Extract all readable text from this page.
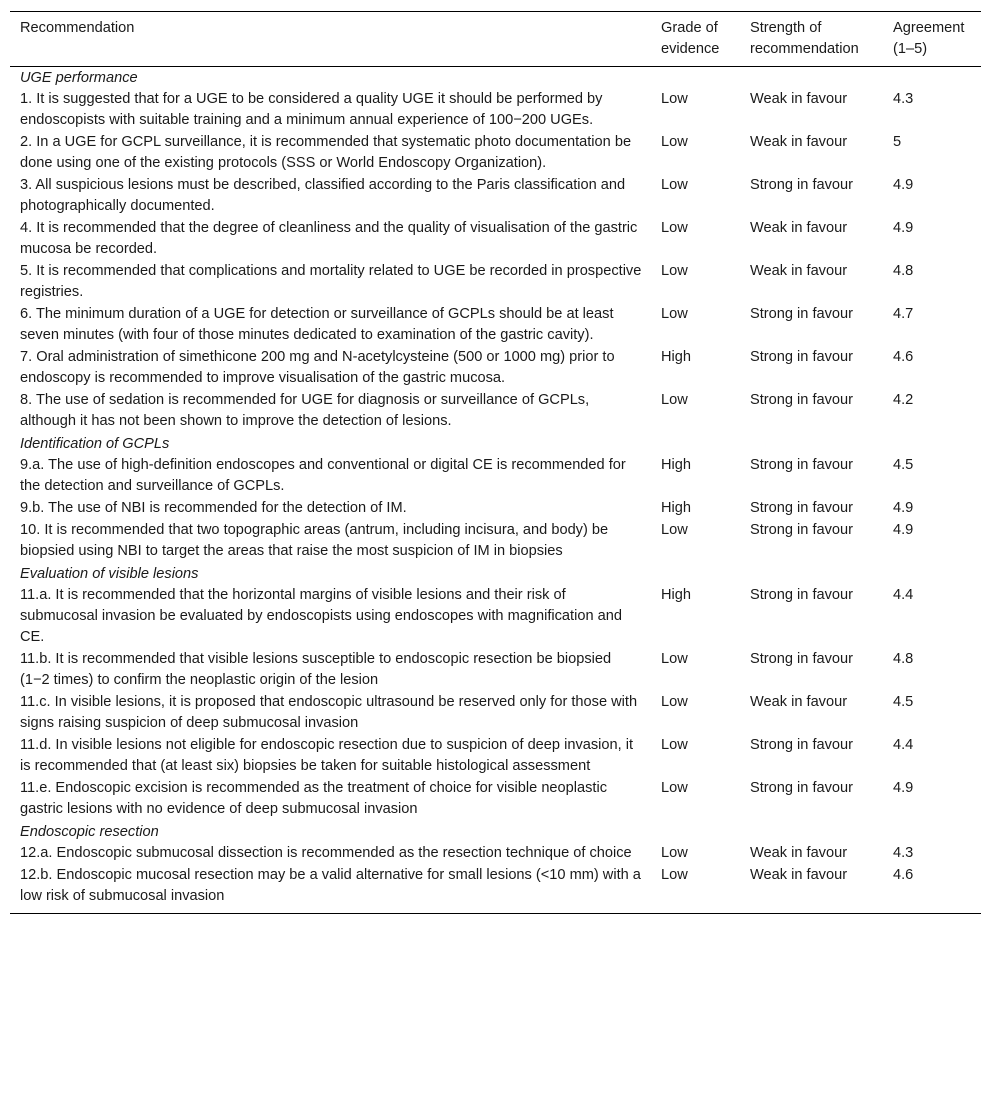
Recommendation	Grade of evidence	Strength of recommendation	Agreement (1–5)
UGE performance			
1. It is suggested that for a UGE to be considered a quality UGE it should be performed by endoscopists with suitable training and a minimum annual experience of 100−200 UGEs.	Low	Weak in favour	4.3
2. In a UGE for GCPL surveillance, it is recommended that systematic photo documentation be done using one of the existing protocols (SSS or World Endoscopy Organization).	Low	Weak in favour	5
3. All suspicious lesions must be described, classified according to the Paris classification and photographically documented.	Low	Strong in favour	4.9
4. It is recommended that the degree of cleanliness and the quality of visualisation of the gastric mucosa be recorded.	Low	Weak in favour	4.9
5. It is recommended that complications and mortality related to UGE be recorded in prospective registries.	Low	Weak in favour	4.8
6. The minimum duration of a UGE for detection or surveillance of GCPLs should be at least seven minutes (with four of those minutes dedicated to examination of the gastric cavity).	Low	Strong in favour	4.7
7. Oral administration of simethicone 200 mg and N-acetylcysteine (500 or 1000 mg) prior to endoscopy is recommended to improve visualisation of the gastric mucosa.	High	Strong in favour	4.6
8. The use of sedation is recommended for UGE for diagnosis or surveillance of GCPLs, although it has not been shown to improve the detection of lesions.	Low	Strong in favour	4.2
Identification of GCPLs			
9.a. The use of high-definition endoscopes and conventional or digital CE is recommended for the detection and surveillance of GCPLs.	High	Strong in favour	4.5
9.b. The use of NBI is recommended for the detection of IM.	High	Strong in favour	4.9
10. It is recommended that two topographic areas (antrum, including incisura, and body) be biopsied using NBI to target the areas that raise the most suspicion of IM in biopsies	Low	Strong in favour	4.9
Evaluation of visible lesions			
11.a. It is recommended that the horizontal margins of visible lesions and their risk of submucosal invasion be evaluated by endoscopists using endoscopes with magnification and CE.	High	Strong in favour	4.4
11.b. It is recommended that visible lesions susceptible to endoscopic resection be biopsied (1−2 times) to confirm the neoplastic origin of the lesion	Low	Strong in favour	4.8
11.c. In visible lesions, it is proposed that endoscopic ultrasound be reserved only for those with signs raising suspicion of deep submucosal invasion	Low	Weak in favour	4.5
11.d. In visible lesions not eligible for endoscopic resection due to suspicion of deep invasion, it is recommended that (at least six) biopsies be taken for suitable histological assessment	Low	Strong in favour	4.4
11.e. Endoscopic excision is recommended as the treatment of choice for visible neoplastic gastric lesions with no evidence of deep submucosal invasion	Low	Strong in favour	4.9
Endoscopic resection			
12.a. Endoscopic submucosal dissection is recommended as the resection technique of choice	Low	Weak in favour	4.3
12.b. Endoscopic mucosal resection may be a valid alternative for small lesions (<10 mm) with a low risk of submucosal invasion	Low	Weak in favour	4.6
